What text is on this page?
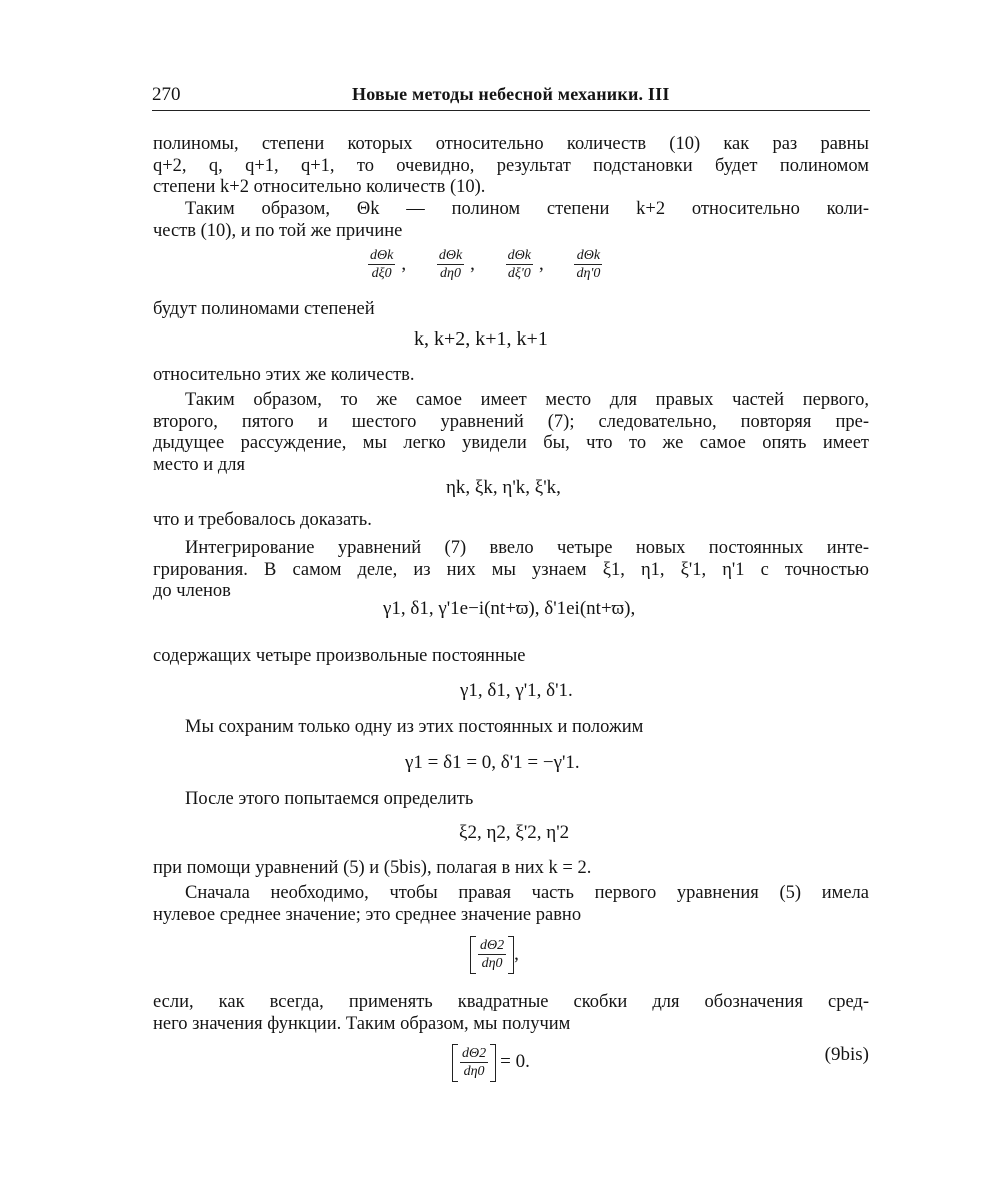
270	Новые методы небесной механики. III
полиномы, степени которых относительно количеств (10) как раз равны
q+2, q, q+1, q+1, то очевидно, результат подстановки будет полиномом
степени k+2 относительно количеств (10).
Таким образом, Θk — полином степени k+2 относительно коли-
честв (10), и по той же причине
$\frac{\text{dΘk}}{d\xi 0}$ , $\frac{\text{dΘk}}{d\eta 0}$ , $\frac{\text{dΘk}}{d\xi'0}$ , $\frac{\text{dΘk}}{d\eta'0}$
будут полиномами степеней
k, k+2, k+1, k+1
относительно этих же количеств.
Таким образом, то же самое имеет место для правых частей первого,
второго, пятого и шестого уравнений (7); следовательно, повторяя пре-
дыдущее рассуждение, мы легко увидели бы, что то же самое опять имеет
место и для
ηk, ξk, η'k, ξ'k,
что и требовалось доказать.
Интегрирование уравнений (7) ввело четыре новых постоянных инте-
грирования. В самом деле, из них мы узнаем ξ1, η1, ξ'1, η'1 с точностью
до членов
γ1, δ1, γ'1e−i(nt+ϖ), δ'1ei(nt+ϖ),
содержащих четыре произвольные постоянные
γ1, δ1, γ'1, δ'1.
Мы сохраним только одну из этих постоянных и положим
γ1 = δ1 = 0, δ'1 = −γ'1.
После этого попытаемся определить
ξ2, η2, ξ'2, η'2
при помощи уравнений (5) и (5bis), полагая в них k = 2.
Сначала необходимо, чтобы правая часть первого уравнения (5) имела
нулевое среднее значение; это среднее значение равно
$\frac{d\Theta 2}{d\eta 0}$ ,
если, как всегда, применять квадратные скобки для обозначения сред-
него значения функции. Таким образом, мы получим
$\frac{d\Theta 2}{d\eta 0} = 0$.	(9bis)
